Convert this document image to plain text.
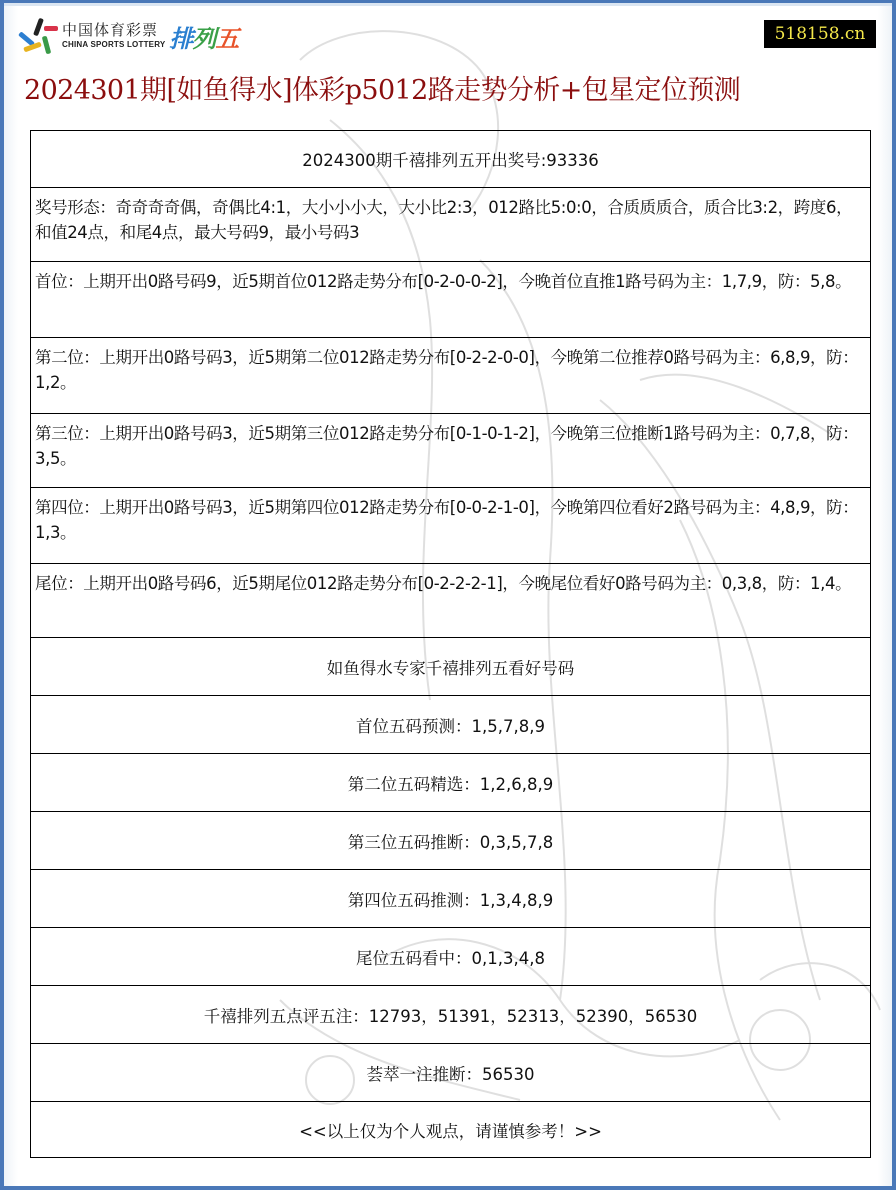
中国体育彩票
CHINA SPORTS LOTTERY 排列五	518158.cn
2024301期[如鱼得水]体彩p5012路走势分析+包星定位预测
2024300期千禧排列五开出奖号:93336
奖号形态：奇奇奇奇偶，奇偶比4:1，大小小小大，大小比2:3，012路比5:0:0，合质质质合，质合比3:2，跨度6，和值24点，和尾4点，最大号码9，最小号码3
首位：上期开出0路号码9，近5期首位012路走势分布[0-2-0-0-2]，今晚首位直推1路号码为主：1,7,9，防：5,8。
第二位：上期开出0路号码3，近5期第二位012路走势分布[0-2-2-0-0]，今晚第二位推荐0路号码为主：6,8,9，防：1,2。
第三位：上期开出0路号码3，近5期第三位012路走势分布[0-1-0-1-2]，今晚第三位推断1路号码为主：0,7,8，防：3,5。
第四位：上期开出0路号码3，近5期第四位012路走势分布[0-0-2-1-0]，今晚第四位看好2路号码为主：4,8,9，防：1,3。
尾位：上期开出0路号码6，近5期尾位012路走势分布[0-2-2-2-1]，今晚尾位看好0路号码为主：0,3,8，防：1,4。
如鱼得水专家千禧排列五看好号码
首位五码预测：1,5,7,8,9
第二位五码精选：1,2,6,8,9
第三位五码推断：0,3,5,7,8
第四位五码推测：1,3,4,8,9
尾位五码看中：0,1,3,4,8
千禧排列五点评五注：12793，51391，52313，52390，56530
荟萃一注推断：56530
<<以上仅为个人观点，请谨慎参考！>>
